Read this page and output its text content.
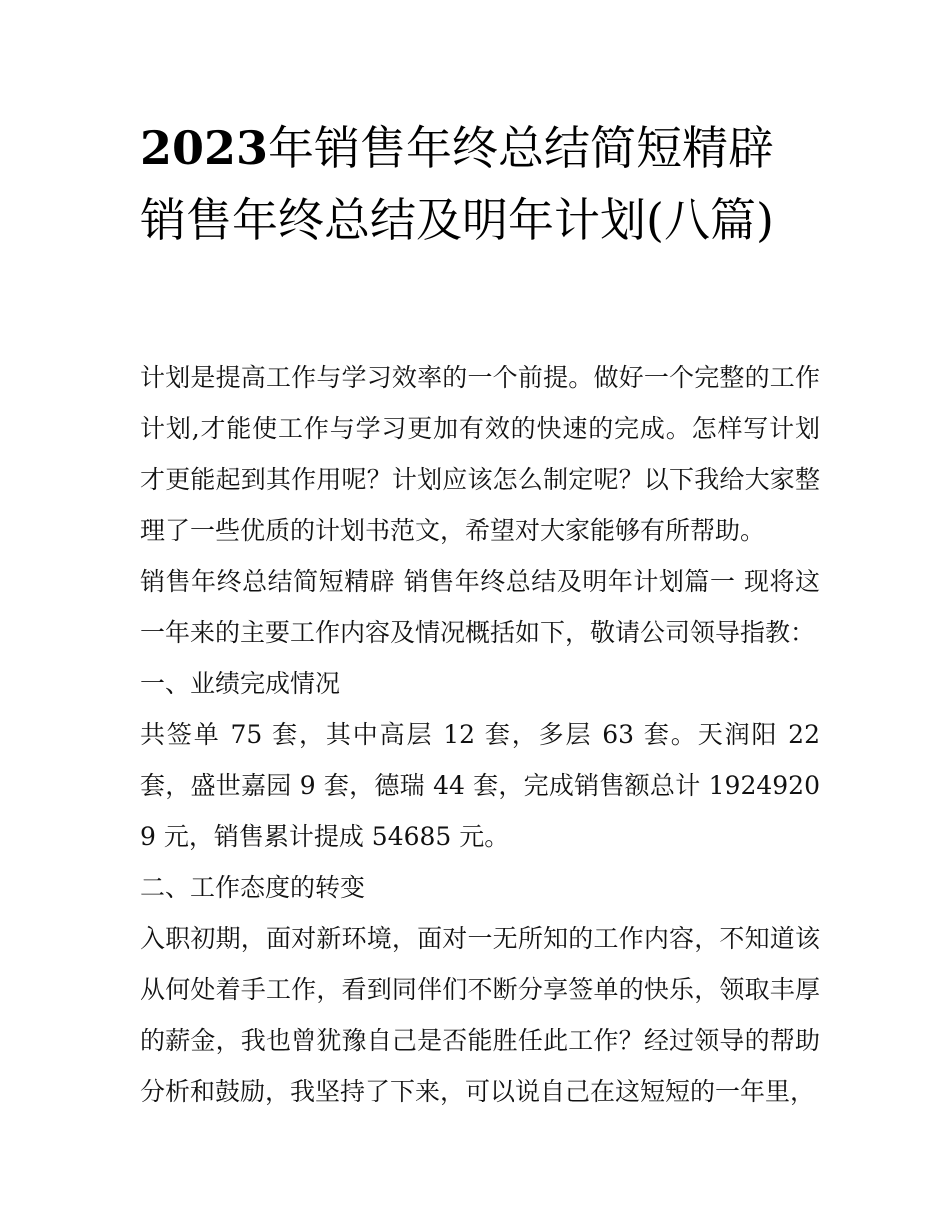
2023年销售年终总结简短精辟销售年终总结及明年计划(八篇)

计划是提高工作与学习效率的一个前提。做好一个完整的工作计划,才能使工作与学习更加有效的快速的完成。怎样写计划才更能起到其作用呢？计划应该怎么制定呢？以下我给大家整理了一些优质的计划书范文，希望对大家能够有所帮助。

销售年终总结简短精辟 销售年终总结及明年计划篇一 现将这一年来的主要工作内容及情况概括如下，敬请公司领导指教：

一、业绩完成情况

共签单 75 套，其中高层 12 套，多层 63 套。天润阳 22 套，盛世嘉园 9 套，德瑞 44 套，完成销售额总计 19249209 元，销售累计提成 54685 元。

二、工作态度的转变

入职初期，面对新环境，面对一无所知的工作内容，不知道该从何处着手工作，看到同伴们不断分享签单的快乐，领取丰厚的薪金，我也曾犹豫自己是否能胜任此工作？经过领导的帮助分析和鼓励，我坚持了下来，可以说自己在这短短的一年里，
